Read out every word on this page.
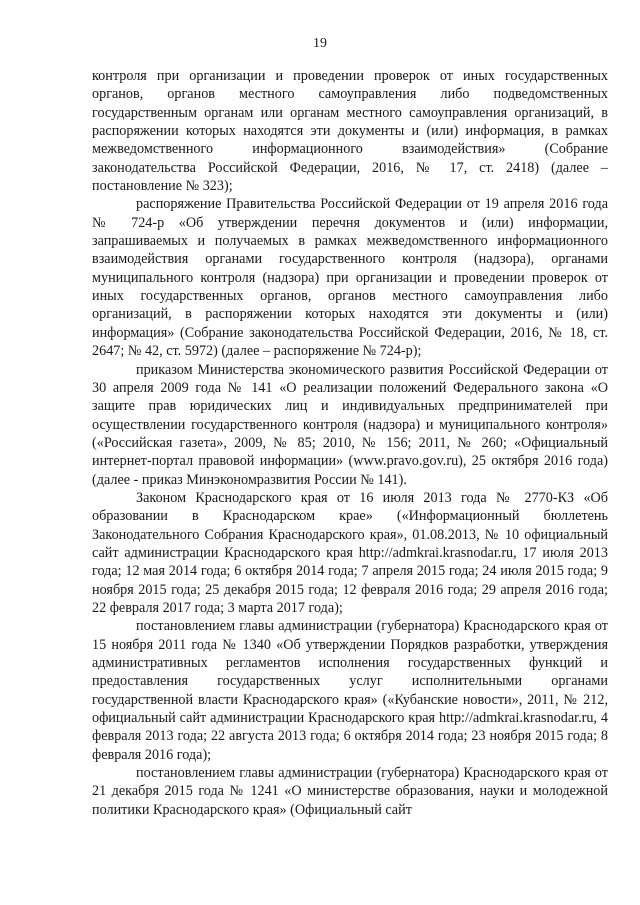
19

контроля при организации и проведении проверок от иных государственных органов, органов местного самоуправления либо подведомственных государственным органам или органам местного самоуправления организаций, в распоряжении которых находятся эти документы и (или) информация, в рамках межведомственного информационного взаимодействия» (Собрание законодательства Российской Федерации, 2016, № 17, ст. 2418) (далее – постановление № 323);

распоряжение Правительства Российской Федерации от 19 апреля 2016 года № 724-р «Об утверждении перечня документов и (или) информации, запрашиваемых и получаемых в рамках межведомственного информационного взаимодействия органами государственного контроля (надзора), органами муниципального контроля (надзора) при организации и проведении проверок от иных государственных органов, органов местного самоуправления либо организаций, в распоряжении которых находятся эти документы и (или) информация» (Собрание законодательства Российской Федерации, 2016, № 18, ст. 2647; № 42, ст. 5972) (далее – распоряжение № 724-р);

приказом Министерства экономического развития Российской Федерации от 30 апреля 2009 года № 141 «О реализации положений Федерального закона «О защите прав юридических лиц и индивидуальных предпринимателей при осуществлении государственного контроля (надзора) и муниципального контроля» («Российская газета», 2009, № 85; 2010, № 156; 2011, № 260; «Официальный интернет-портал правовой информации» (www.pravo.gov.ru), 25 октября 2016 года) (далее - приказ Минэкономразвития России № 141).

Законом Краснодарского края от 16 июля 2013 года № 2770-КЗ «Об образовании в Краснодарском крае» («Информационный бюллетень Законодательного Собрания Краснодарского края», 01.08.2013, № 10 официальный сайт администрации Краснодарского края http://admkrai.krasnodar.ru, 17 июля 2013 года; 12 мая 2014 года; 6 октября 2014 года; 7 апреля 2015 года; 24 июля 2015 года; 9 ноября 2015 года; 25 декабря 2015 года; 12 февраля 2016 года; 29 апреля 2016 года; 22 февраля 2017 года; 3 марта 2017 года);

постановлением главы администрации (губернатора) Краснодарского края от 15 ноября 2011 года № 1340 «Об утверждении Порядков разработки, утверждения административных регламентов исполнения государственных функций и предоставления государственных услуг исполнительными органами государственной власти Краснодарского края» («Кубанские новости», 2011, № 212, официальный сайт администрации Краснодарского края http://admkrai.krasnodar.ru, 4 февраля 2013 года; 22 августа 2013 года; 6 октября 2014 года; 23 ноября 2015 года; 8 февраля 2016 года);

постановлением главы администрации (губернатора) Краснодарского края от 21 декабря 2015 года № 1241 «О министерстве образования, науки и молодежной политики Краснодарского края» (Официальный сайт
